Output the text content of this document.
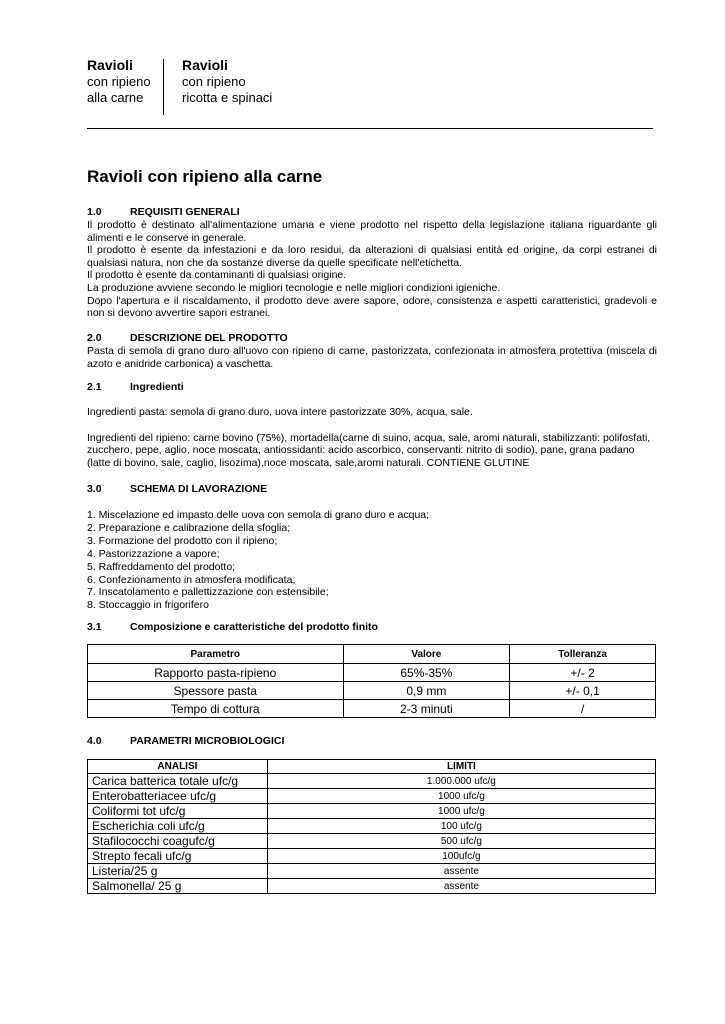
Ravioli
con ripieno
alla carne
Ravioli
con ripieno
ricotta e spinaci
Ravioli con ripieno alla carne
1.0	REQUISITI GENERALI

Il prodotto è destinato all'alimentazione umana e viene prodotto nel rispetto della legislazione italiana riguardante gli alimenti e le conserve in generale.

Il prodotto è esente da infestazioni e da loro residui, da alterazioni di qualsiasi entità ed origine, da corpi estranei di qualsiasi natura, non che da sostanze diverse da quelle specificate nell'etichetta.

Il prodotto è esente da contaminanti di qualsiasi origine.

La produzione avviene secondo le migliori tecnologie e nelle migliori condizioni igieniche.

Dopo l'apertura e il riscaldamento, il prodotto deve avere sapore, odore, consistenza e aspetti caratteristici, gradevoli e non si devono avvertire sapori estranei.

2.0	DESCRIZIONE DEL PRODOTTO

Pasta di semola di grano duro all'uovo con ripieno di carne, pastorizzata, confezionata in atmosfera protettiva (miscela di azoto e anidride carbonica) a vaschetta.

2.1	Ingredienti

Ingredienti pasta: semola di grano duro, uova intere pastorizzate 30%, acqua, sale.

Ingredienti del ripieno: carne bovino (75%), mortadella(carne di suino, acqua, sale, aromi naturali, stabilizzanti: polifosfati, zucchero, pepe, aglio, noce moscata, antiossidanti: acido ascorbico, conservanti: nitrito di sodio), pane, grana padano (latte di bovino, sale, caglio, lisozima),noce moscata, sale,aromi naturali. CONTIENE GLUTINE

3.0	SCHEMA DI LAVORAZIONE
1. Miscelazione ed impasto delle uova con semola di grano duro e acqua;
2. Preparazione e calibrazione della sfoglia;
3. Formazione del prodotto con il ripieno;
4. Pastorizzazione a vapore;
5. Raffreddamento del prodotto;
6. Confezionamento in atmosfera modificata;
7. Inscatolamento e pallettizzazione con estensibile;
8. Stoccaggio in frigorifero
3.1	Composizione e caratteristiche del prodotto finito
Parametro	Valore	Tolleranza
Rapporto pasta-ripieno	65%-35%	+/- 2
Spessore pasta	0,9 mm	+/- 0,1
Tempo di cottura	2-3 minuti	/
4.0	PARAMETRI MICROBIOLOGICI
ANALISI	LIMITI
Carica batterica totale ufc/g	1.000.000 ufc/g
Enterobatteriacee ufc/g	1000 ufc/g
Coliformi tot ufc/g	1000 ufc/g
Escherichia coli ufc/g	100 ufc/g
Stafilococchi coagufc/g	500 ufc/g
Strepto fecali ufc/g	100ufc/g
Listeria/25 g	assente
Salmonella/ 25 g	assente
